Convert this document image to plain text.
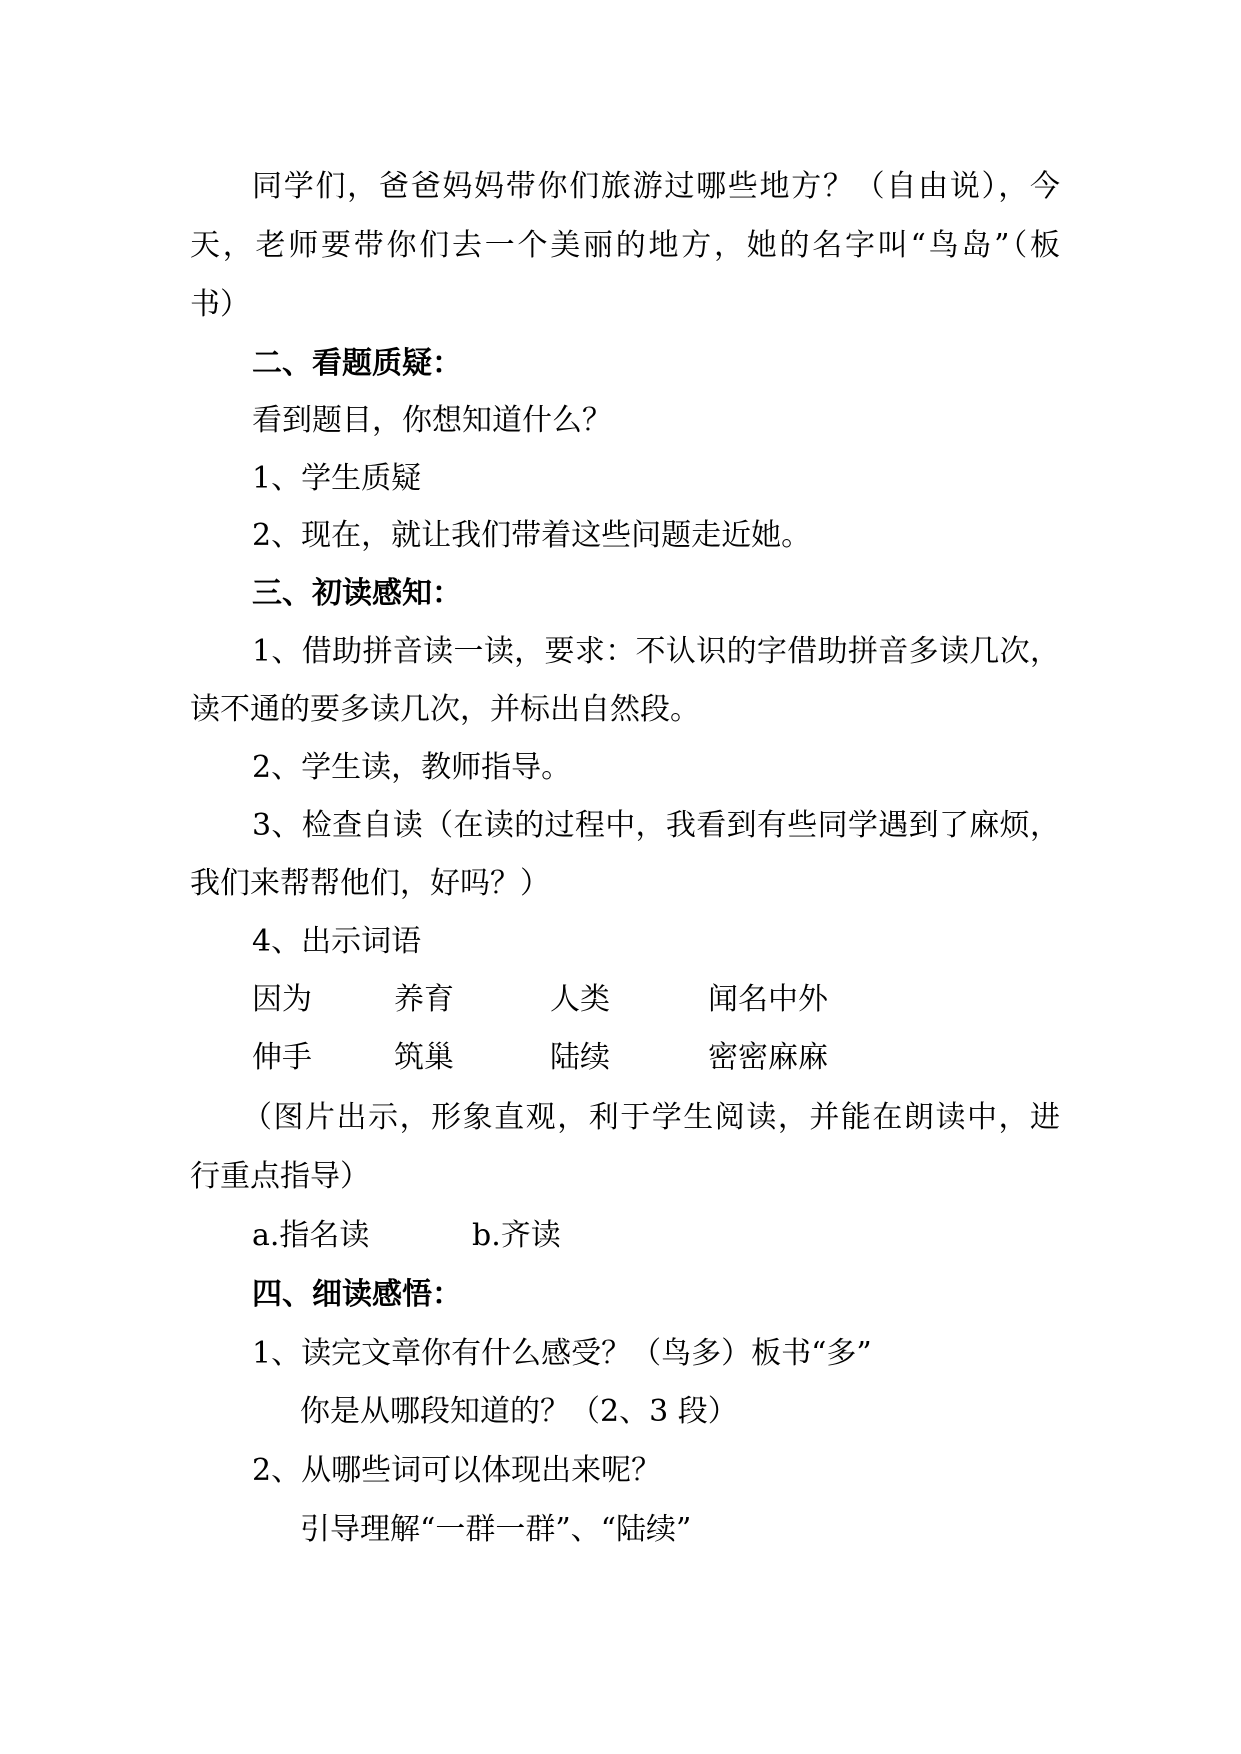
同学们，爸爸妈妈带你们旅游过哪些地方？（自由说），今
天，老师要带你们去一个美丽的地方，她的名字叫“鸟岛”（板
书）
二、看题质疑：
看到题目，你想知道什么？
1、学生质疑
2、现在，就让我们带着这些问题走近她。
三、初读感知：
1、借助拼音读一读，要求：不认识的字借助拼音多读几次，
读不通的要多读几次，并标出自然段。
2、学生读，教师指导。
3、检查自读（在读的过程中，我看到有些同学遇到了麻烦，
我们来帮帮他们，好吗？）
4、出示词语
因为	养育	人类	闻名中外
伸手	筑巢	陆续	密密麻麻
（图片出示，形象直观，利于学生阅读，并能在朗读中，进
行重点指导）
a.指名读	b.齐读
四、细读感悟：
1、读完文章你有什么感受？（鸟多）板书“多”
你是从哪段知道的？（2、3 段）
2、从哪些词可以体现出来呢？
引导理解“一群一群”、“陆续”
